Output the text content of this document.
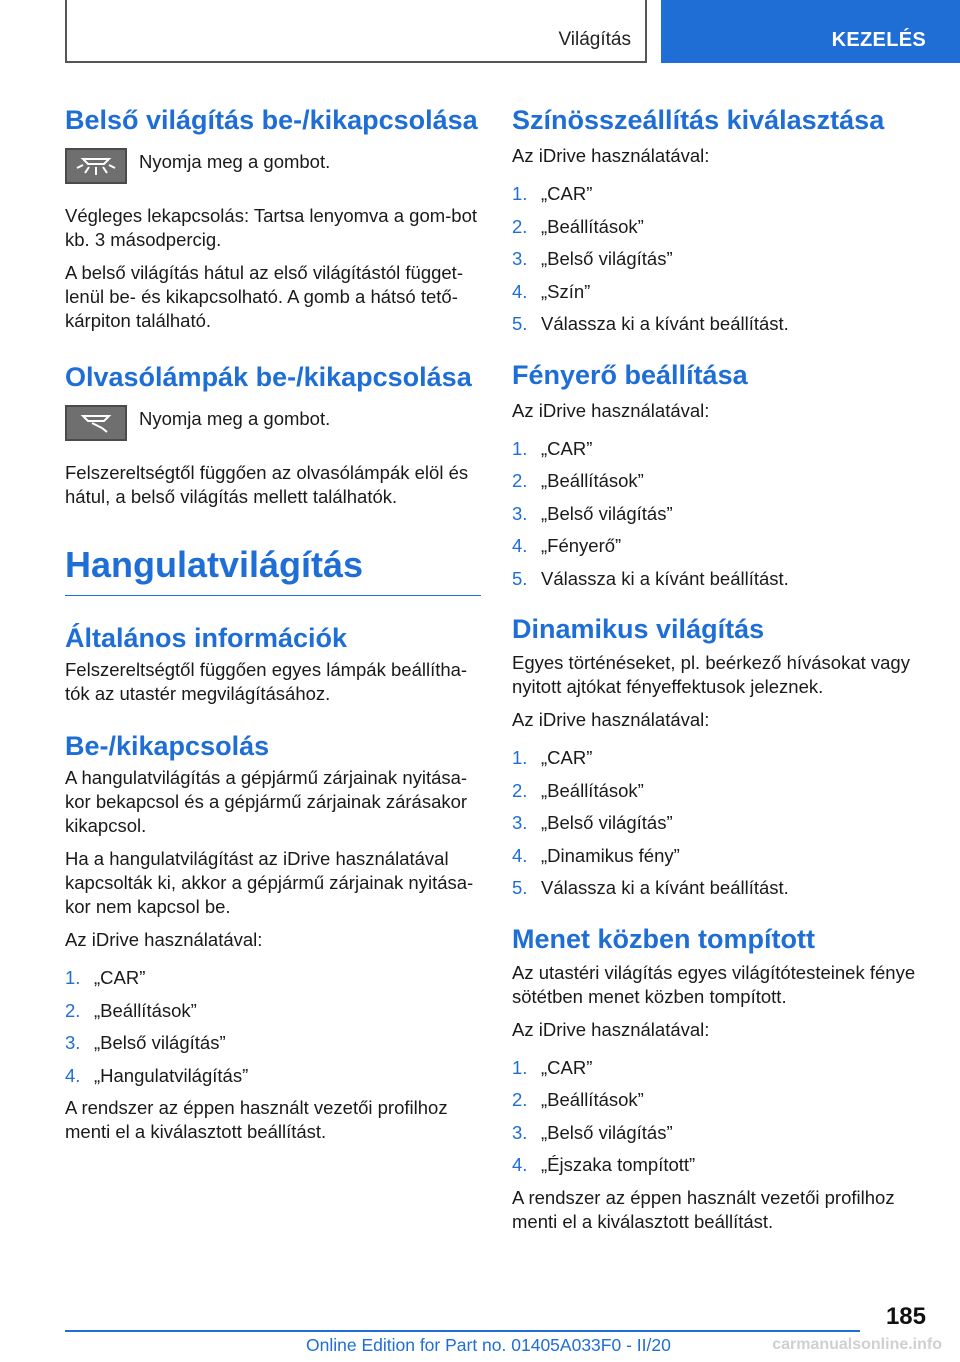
Világítás	KEZELÉS
Belső világítás be-/kikapcsolása

Nyomja meg a gombot.

Végleges lekapcsolás: Tartsa lenyomva a gom-bot kb. 3 másodpercig.

A belső világítás hátul az első világítástól függet-lenül be- és kikapcsolható. A gomb a hátsó tető-kárpiton található.

Olvasólámpák be-/kikapcsolása

Nyomja meg a gombot.

Felszereltségtől függően az olvasólámpák elöl és hátul, a belső világítás mellett találhatók.

Hangulatvilágítás
Általános információk

Felszereltségtől függően egyes lámpák beállítha-tók az utastér megvilágításához.

Be-/kikapcsolás

A hangulatvilágítás a gépjármű zárjainak nyitása-kor bekapcsol és a gépjármű zárjainak zárásakor kikapcsol.

Ha a hangulatvilágítást az iDrive használatával kapcsolták ki, akkor a gépjármű zárjainak nyitása-kor nem kapcsol be.

Az iDrive használatával:

1. „CAR”
2. „Beállítások”
3. „Belső világítás”
4. „Hangulatvilágítás”

A rendszer az éppen használt vezetői profilhoz menti el a kiválasztott beállítást.

Színösszeállítás kiválasztása

Az iDrive használatával:

1. „CAR”
2. „Beállítások”
3. „Belső világítás”
4. „Szín”
5. Válassza ki a kívánt beállítást.
Fényerő beállítása

Az iDrive használatával:

1. „CAR”
2. „Beállítások”
3. „Belső világítás”
4. „Fényerő”
5. Válassza ki a kívánt beállítást.
Dinamikus világítás

Egyes történéseket, pl. beérkező hívásokat vagy nyitott ajtókat fényeffektusok jeleznek.

Az iDrive használatával:

1. „CAR”
2. „Beállítások”
3. „Belső világítás”
4. „Dinamikus fény”
5. Válassza ki a kívánt beállítást.
Menet közben tompított

Az utastéri világítás egyes világítótesteinek fénye sötétben menet közben tompított.

Az iDrive használatával:

1. „CAR”
2. „Beállítások”
3. „Belső világítás”
4. „Éjszaka tompított”

A rendszer az éppen használt vezetői profilhoz menti el a kiválasztott beállítást.

185
Online Edition for Part no. 01405A033F0 - II/20	carmanualsonline.info
